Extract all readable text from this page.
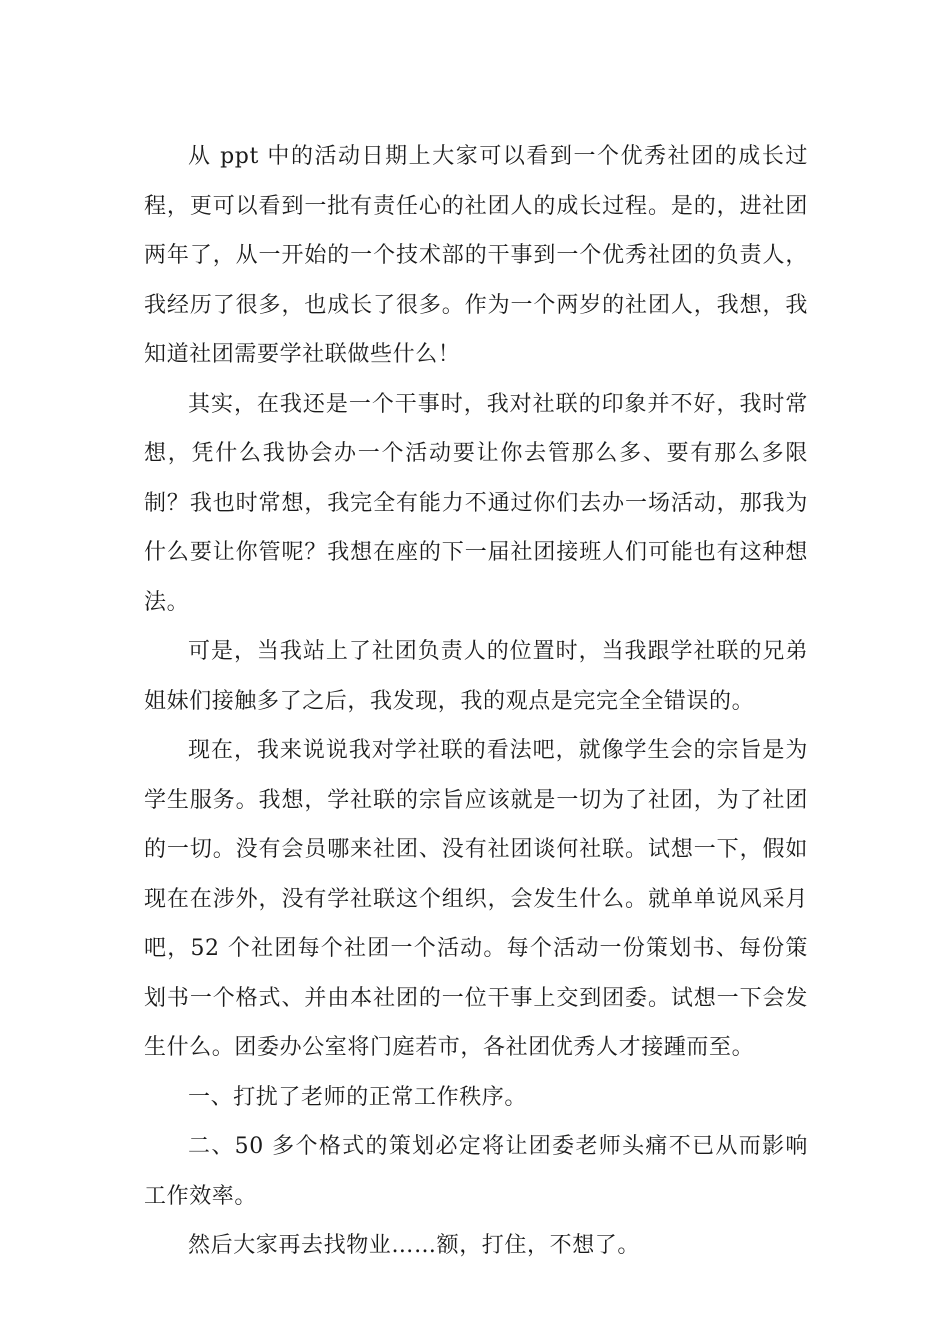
从 ppt 中的活动日期上大家可以看到一个优秀社团的成长过程，更可以看到一批有责任心的社团人的成长过程。是的，进社团两年了，从一开始的一个技术部的干事到一个优秀社团的负责人，我经历了很多，也成长了很多。作为一个两岁的社团人，我想，我知道社团需要学社联做些什么！

其实，在我还是一个干事时，我对社联的印象并不好，我时常想，凭什么我协会办一个活动要让你去管那么多、要有那么多限制？我也时常想，我完全有能力不通过你们去办一场活动，那我为什么要让你管呢？我想在座的下一届社团接班人们可能也有这种想法。

可是，当我站上了社团负责人的位置时，当我跟学社联的兄弟姐妹们接触多了之后，我发现，我的观点是完完全全错误的。

现在，我来说说我对学社联的看法吧，就像学生会的宗旨是为学生服务。我想，学社联的宗旨应该就是一切为了社团，为了社团的一切。没有会员哪来社团、没有社团谈何社联。试想一下，假如现在在涉外，没有学社联这个组织，会发生什么。就单单说风采月吧，52 个社团每个社团一个活动。每个活动一份策划书、每份策划书一个格式、并由本社团的一位干事上交到团委。试想一下会发生什么。团委办公室将门庭若市，各社团优秀人才接踵而至。

一、打扰了老师的正常工作秩序。

二、50 多个格式的策划必定将让团委老师头痛不已从而影响工作效率。

然后大家再去找物业……额，打住，不想了。
